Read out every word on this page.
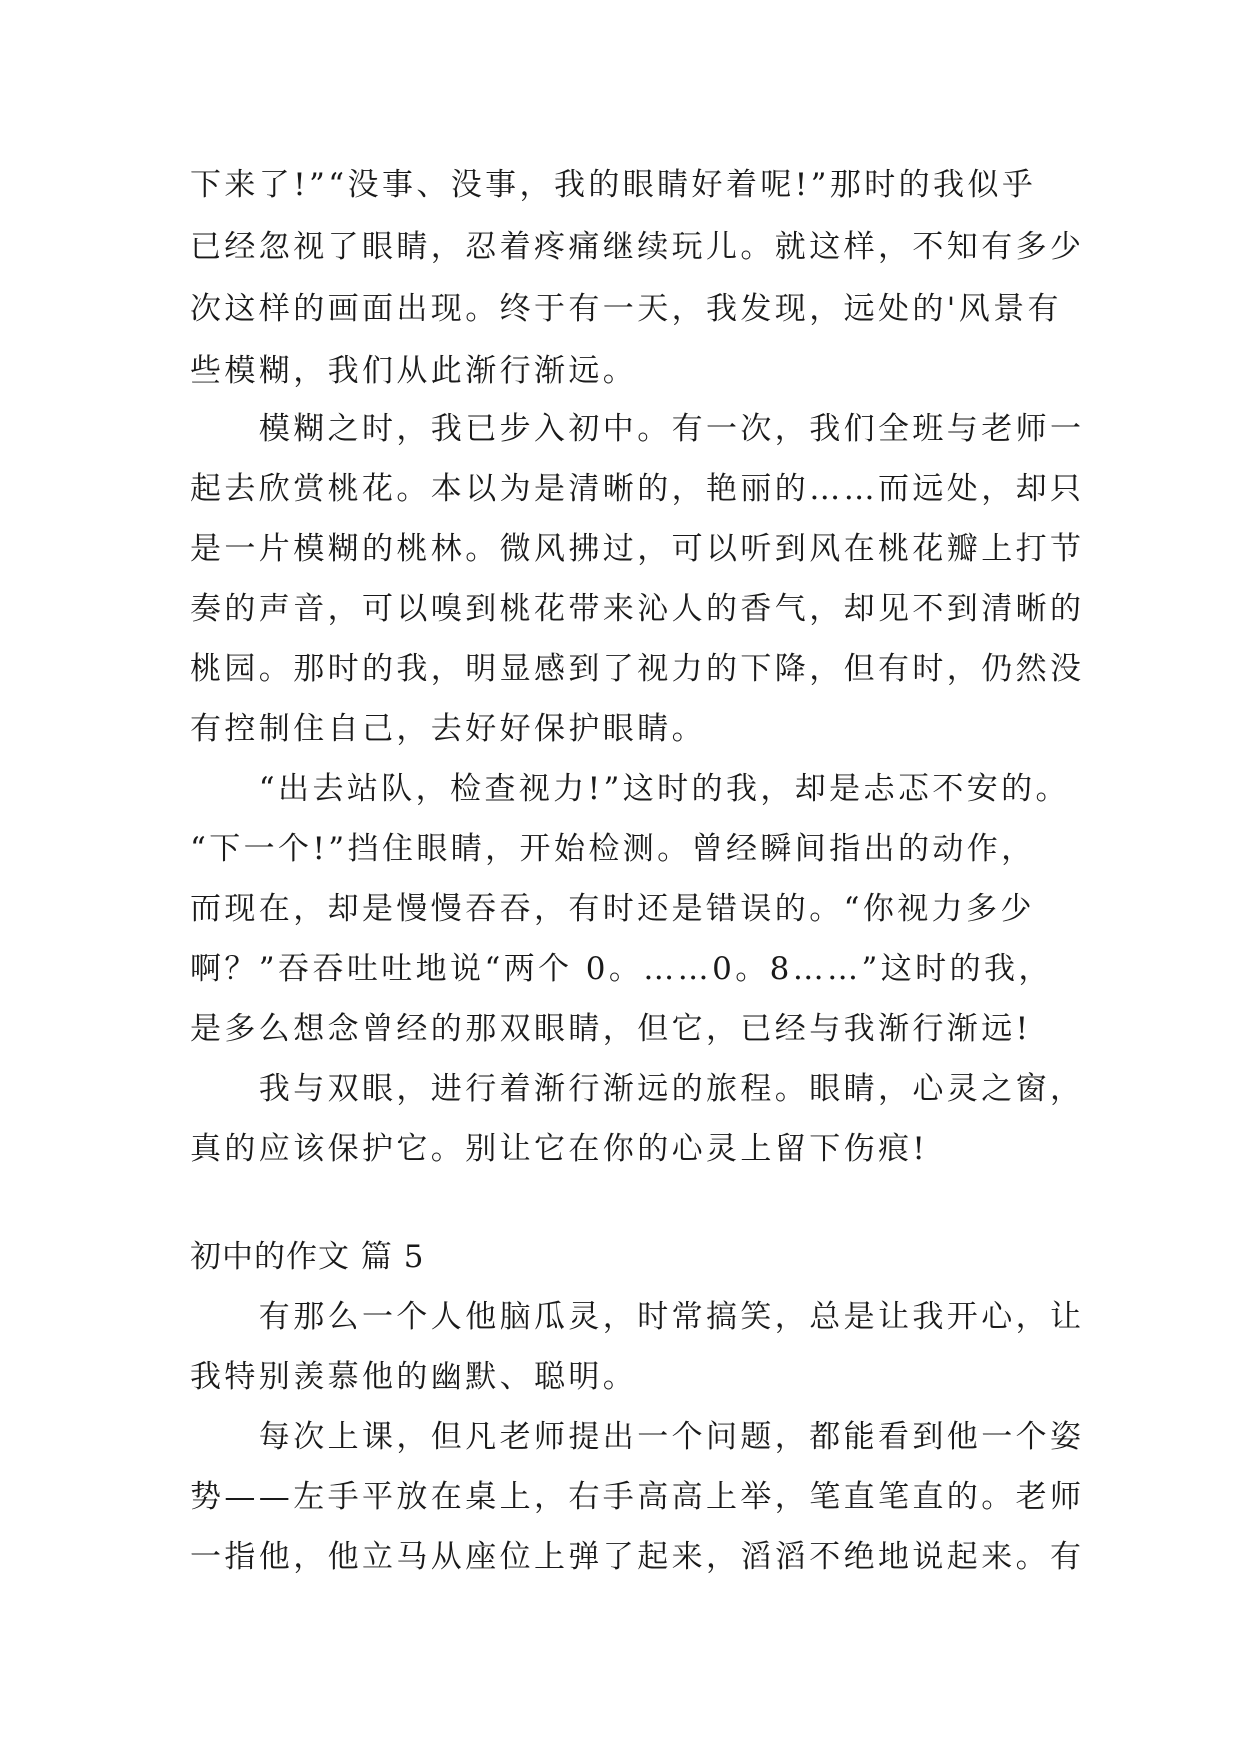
下来了!”“没事、没事，我的眼睛好着呢!”那时的我似乎
已经忽视了眼睛，忍着疼痛继续玩儿。就这样，不知有多少
次这样的画面出现。终于有一天，我发现，远处的'风景有
些模糊，我们从此渐行渐远。
　　模糊之时，我已步入初中。有一次，我们全班与老师一
起去欣赏桃花。本以为是清晰的，艳丽的……而远处，却只
是一片模糊的桃林。微风拂过，可以听到风在桃花瓣上打节
奏的声音，可以嗅到桃花带来沁人的香气，却见不到清晰的
桃园。那时的我，明显感到了视力的下降，但有时，仍然没
有控制住自己，去好好保护眼睛。
　　“出去站队，检查视力!”这时的我，却是忐忑不安的。
“下一个!”挡住眼睛，开始检测。曾经瞬间指出的动作，
而现在，却是慢慢吞吞，有时还是错误的。“你视力多少
啊？”吞吞吐吐地说“两个 0。……0。8……”这时的我，
是多么想念曾经的那双眼睛，但它，已经与我渐行渐远!
　　我与双眼，进行着渐行渐远的旅程。眼睛，心灵之窗，
真的应该保护它。别让它在你的心灵上留下伤痕!
初中的作文 篇 5
　　有那么一个人他脑瓜灵，时常搞笑，总是让我开心，让
我特别羡慕他的幽默、聪明。
　　每次上课，但凡老师提出一个问题，都能看到他一个姿
势——左手平放在桌上，右手高高上举，笔直笔直的。老师
一指他，他立马从座位上弹了起来，滔滔不绝地说起来。有
